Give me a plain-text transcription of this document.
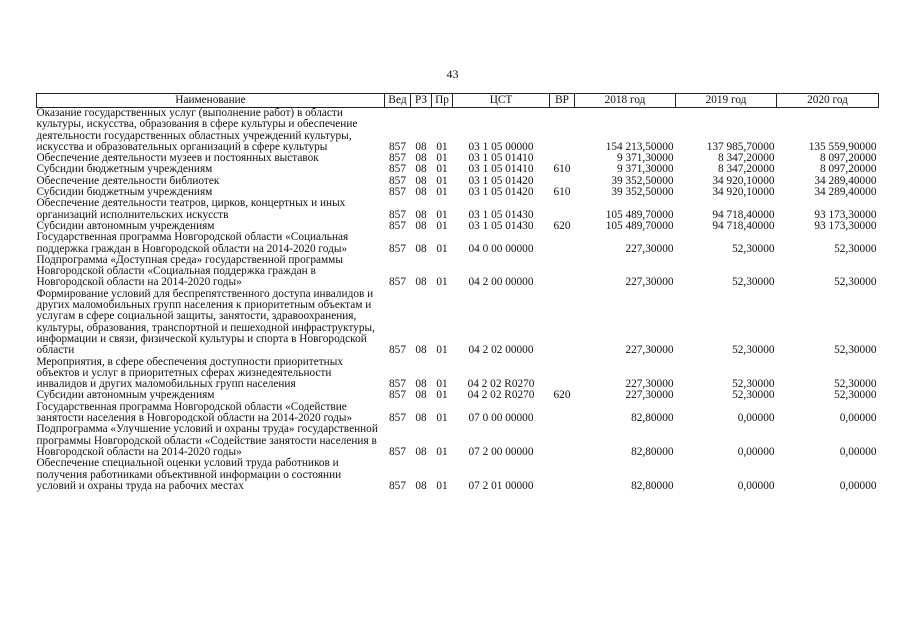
43
Наименование	Вед	РЗ	Пр	ЦСТ	ВР	2018 год	2019 год	2020 год
Оказание государственных услуг (выполнение работ) в области культуры, искусства, образования в сфере культуры и обеспечение деятельности государственных областных учреждений культуры, искусства и образовательных организаций в сфере культуры	857	08	01	03 1 05 00000		154 213,50000	137 985,70000	135 559,90000
Обеспечение деятельности музеев и постоянных выставок	857	08	01	03 1 05 01410		9 371,30000	8 347,20000	8 097,20000
Субсидии бюджетным учреждениям	857	08	01	03 1 05 01410	610	9 371,30000	8 347,20000	8 097,20000
Обеспечение деятельности библиотек	857	08	01	03 1 05 01420		39 352,50000	34 920,10000	34 289,40000
Субсидии бюджетным учреждениям	857	08	01	03 1 05 01420	610	39 352,50000	34 920,10000	34 289,40000
Обеспечение деятельности театров, цирков, концертных и иных организаций исполнительских искусств	857	08	01	03 1 05 01430		105 489,70000	94 718,40000	93 173,30000
Субсидии автономным учреждениям	857	08	01	03 1 05 01430	620	105 489,70000	94 718,40000	93 173,30000
Государственная программа Новгородской области «Социальная поддержка граждан в Новгородской области на 2014-2020 годы»	857	08	01	04 0 00 00000		227,30000	52,30000	52,30000
Подпрограмма «Доступная среда» государственной программы Новгородской области «Социальная поддержка граждан в Новгородской области на 2014-2020 годы»	857	08	01	04 2 00 00000		227,30000	52,30000	52,30000
Формирование условий для беспрепятственного доступа инвалидов и других маломобильных групп населения к приоритетным объектам и услугам в сфере социальной защиты, занятости, здравоохранения, культуры, образования, транспортной и пешеходной инфраструктуры, информации и связи, физической культуры и спорта в Новгородской области	857	08	01	04 2 02 00000		227,30000	52,30000	52,30000
Мероприятия, в сфере обеспечения доступности приоритетных объектов и услуг в приоритетных сферах жизнедеятельности инвалидов и других маломобильных групп населения	857	08	01	04 2 02 R0270		227,30000	52,30000	52,30000
Субсидии автономным учреждениям	857	08	01	04 2 02 R0270	620	227,30000	52,30000	52,30000
Государственная программа Новгородской области «Содействие занятости населения в Новгородской области на 2014-2020 годы»	857	08	01	07 0 00 00000		82,80000	0,00000	0,00000
Подпрограмма «Улучшение условий и охраны труда» государственной программы Новгородской области «Содействие занятости населения в Новгородской области на 2014-2020 годы»	857	08	01	07 2 00 00000		82,80000	0,00000	0,00000
Обеспечение специальной оценки условий труда работников и получения работниками объективной информации о состоянии условий и охраны труда на рабочих местах	857	08	01	07 2 01 00000		82,80000	0,00000	0,00000
